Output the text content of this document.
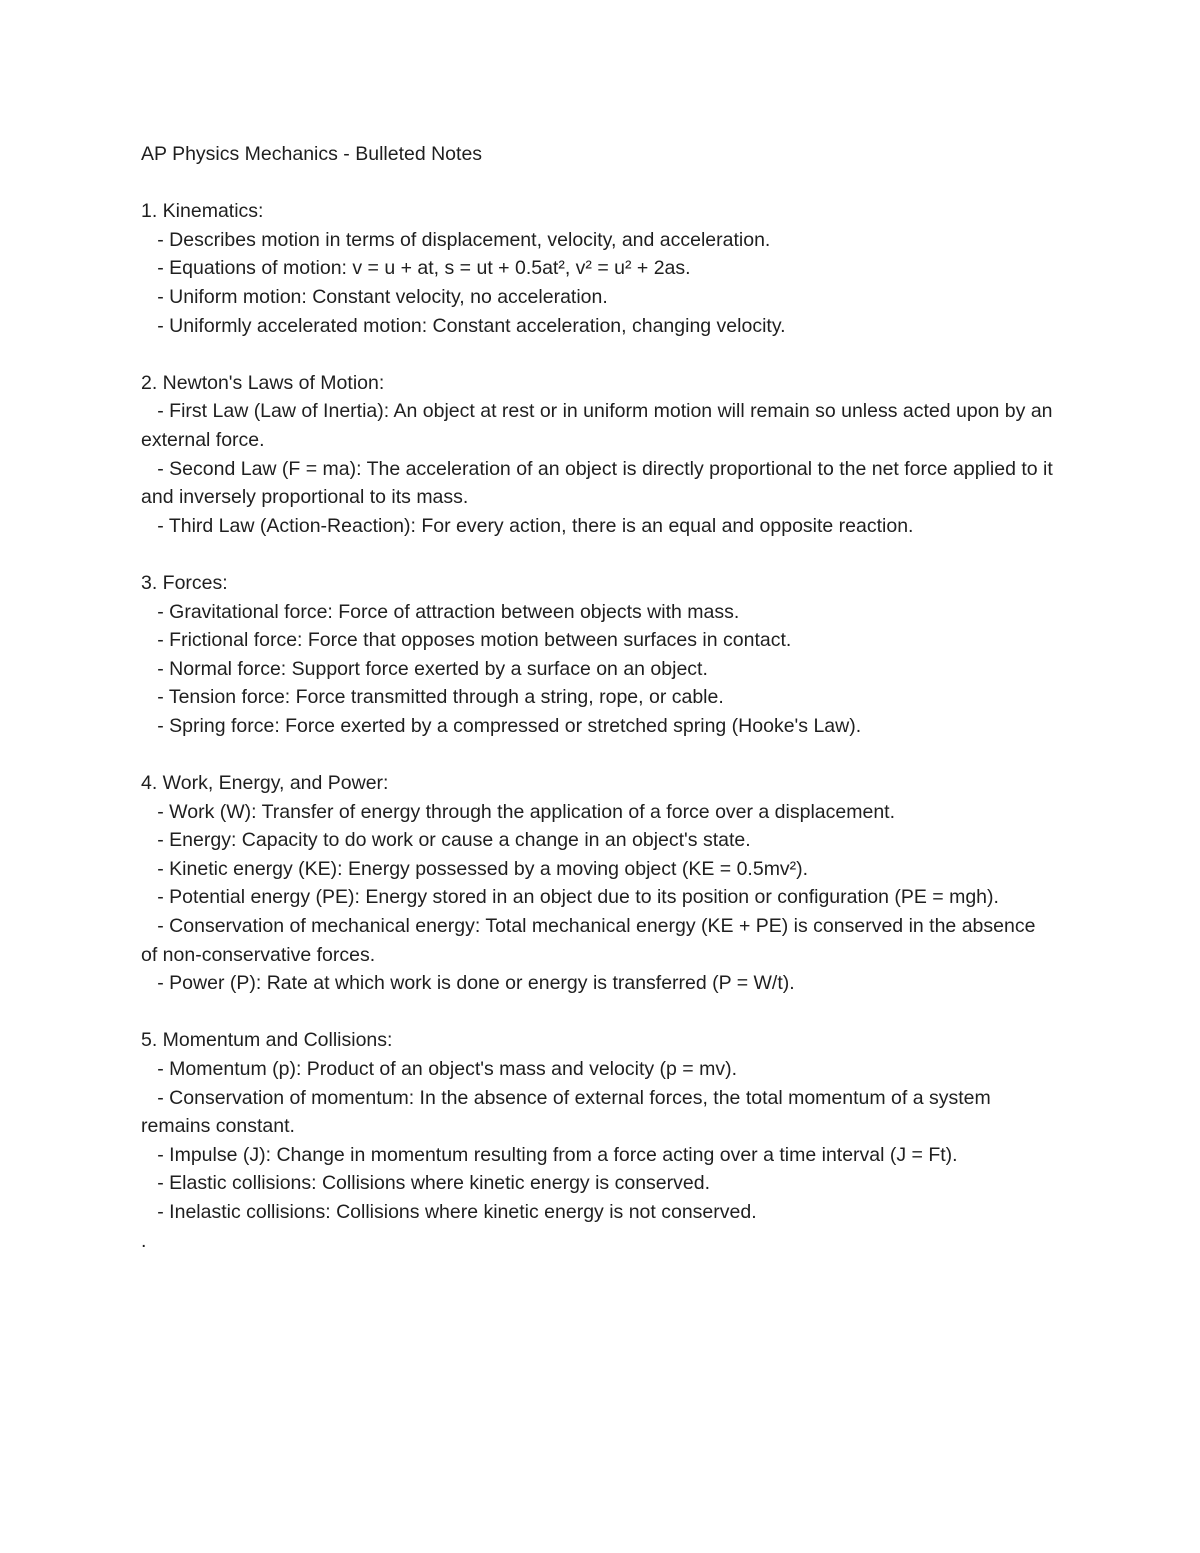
AP Physics Mechanics - Bulleted Notes

1. Kinematics:

- Describes motion in terms of displacement, velocity, and acceleration.

- Equations of motion: v = u + at, s = ut + 0.5at², v² = u² + 2as.

- Uniform motion: Constant velocity, no acceleration.

- Uniformly accelerated motion: Constant acceleration, changing velocity.

2. Newton's Laws of Motion:

- First Law (Law of Inertia): An object at rest or in uniform motion will remain so unless acted upon by an external force.

- Second Law (F = ma): The acceleration of an object is directly proportional to the net force applied to it and inversely proportional to its mass.

- Third Law (Action-Reaction): For every action, there is an equal and opposite reaction.

3. Forces:

- Gravitational force: Force of attraction between objects with mass.

- Frictional force: Force that opposes motion between surfaces in contact.

- Normal force: Support force exerted by a surface on an object.

- Tension force: Force transmitted through a string, rope, or cable.

- Spring force: Force exerted by a compressed or stretched spring (Hooke's Law).

4. Work, Energy, and Power:

- Work (W): Transfer of energy through the application of a force over a displacement.

- Energy: Capacity to do work or cause a change in an object's state.

- Kinetic energy (KE): Energy possessed by a moving object (KE = 0.5mv²).

- Potential energy (PE): Energy stored in an object due to its position or configuration (PE = mgh).

- Conservation of mechanical energy: Total mechanical energy (KE + PE) is conserved in the absence of non-conservative forces.

- Power (P): Rate at which work is done or energy is transferred (P = W/t).

5. Momentum and Collisions:

- Momentum (p): Product of an object's mass and velocity (p = mv).

- Conservation of momentum: In the absence of external forces, the total momentum of a system remains constant.

- Impulse (J): Change in momentum resulting from a force acting over a time interval (J = Ft).

- Elastic collisions: Collisions where kinetic energy is conserved.

- Inelastic collisions: Collisions where kinetic energy is not conserved.

.
